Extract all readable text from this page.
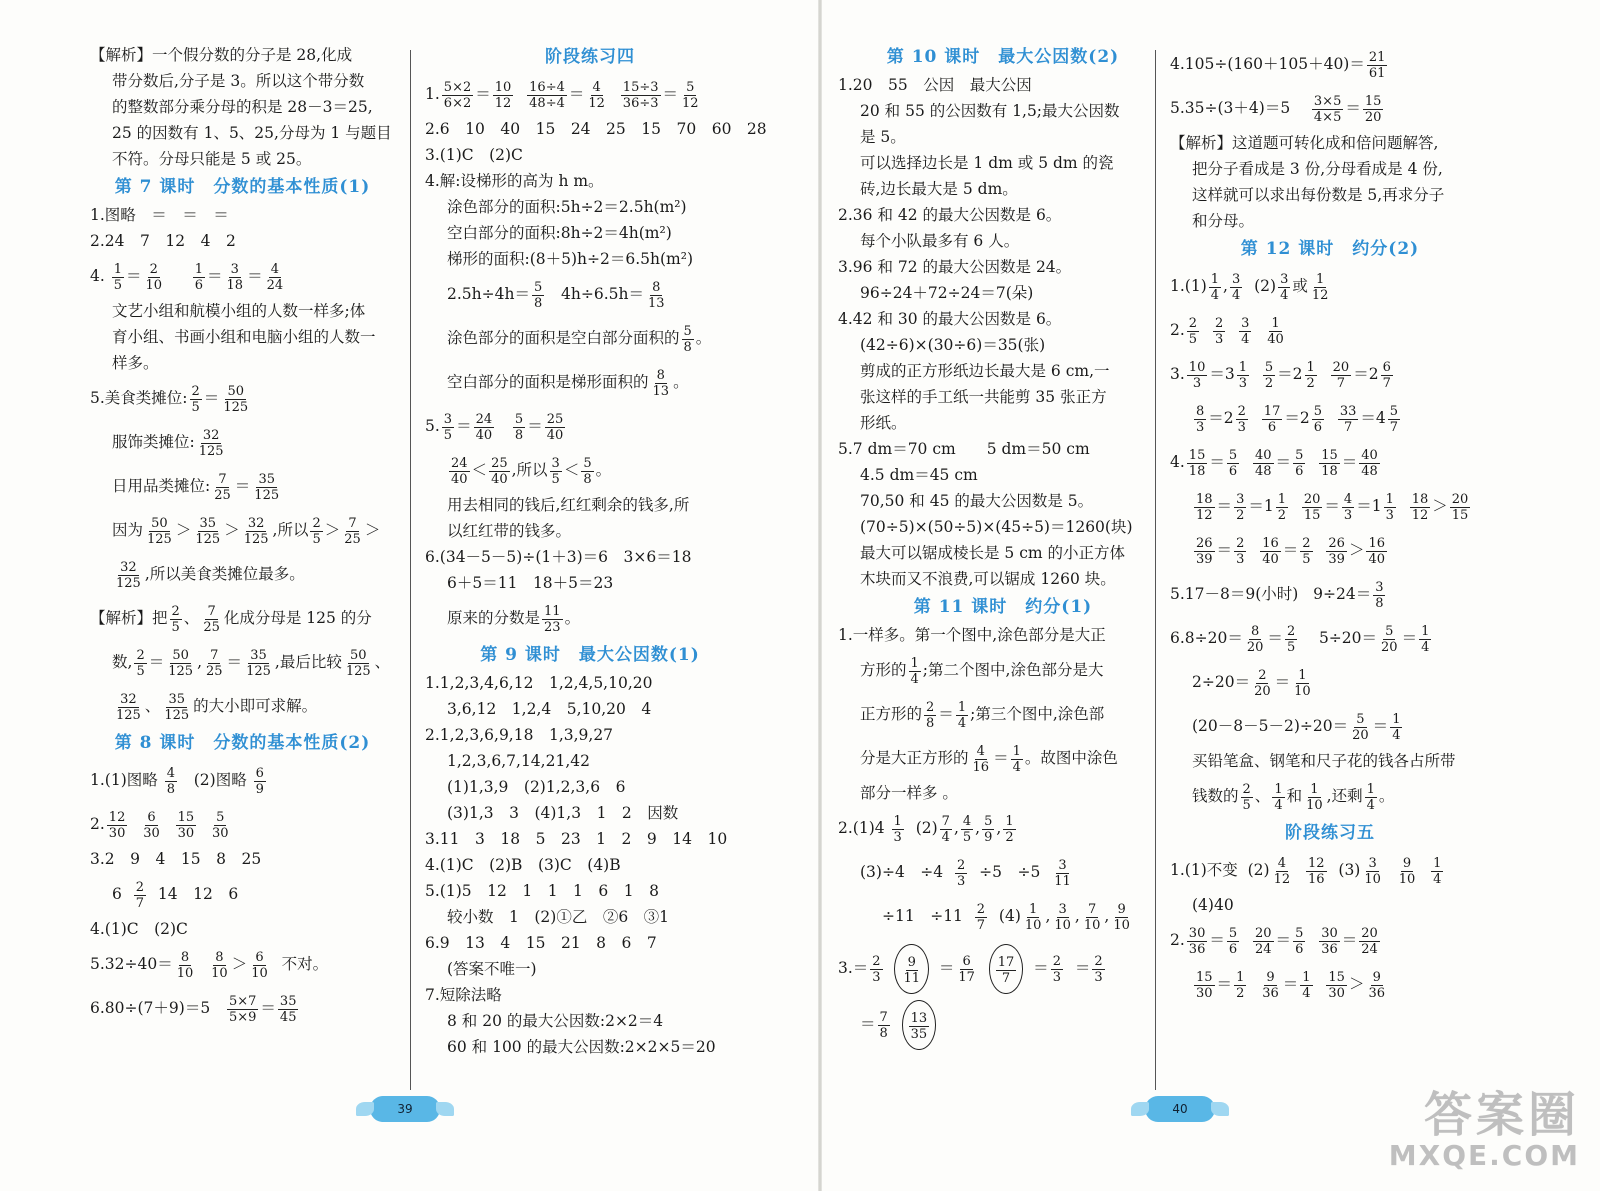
【解析】一个假分数的分子是 28,化成
带分数后,分子是 3。所以这个带分数
的整数部分乘分母的积是 28－3＝25,
25 的因数有 1、5、25,分母为 1 与题目
不符。分母只能是 5 或 25。
第 7 课时　分数的基本性质(1)
1.图略　＝　＝　＝
2.24　7　12　4　2
4. $\frac{1}{5} = \frac{2}{10}$
$\frac{1}{6} = \frac{3}{18} = \frac{4}{24}$
文艺小组和航模小组的人数一样多;体
育小组、书画小组和电脑小组的人数一
样多。
5.美食类摊位: $\frac{2}{5} = \frac{50}{125}$
服饰类摊位: $\frac{32}{125}$
日用品类摊位: $\frac{7}{25} = \frac{35}{125}$
因为 $\frac{50}{125} > \frac{35}{125} > \frac{32}{125}$ ,所以 $\frac{2}{5} > \frac{7}{25}$ ＞
$\frac{32}{125}$ ,所以美食类摊位最多。
【解析】把 $\frac{2}{5}$ 、 $\frac{7}{25}$ 化成分母是 125 的分
数, $\frac{2}{5} = \frac{50}{125}$ , $\frac{7}{25} = \frac{35}{125}$ ,最后比较 $\frac{50}{125}$ 、
$\frac{32}{125}$ 、 $\frac{35}{125}$ 的大小即可求解。
第 8 课时　分数的基本性质(2)
1.(1)图略 $\frac{4}{8} (2)$图略 $\frac{6}{9}$
2. $\frac{12}{30}$
$\frac{6}{30}$
$\frac{15}{30}$
$\frac{5}{30}$
3.2　9　4　15　8　25
$6 \frac{2}{7} 14$　12　6
4.(1)C　(2)C
$5.32\div 40= \frac{8}{10}$
$\frac{8}{10} > \frac{6}{10}$ 不对。
$6.80\div(7+9)=5 \frac{5\times 7}{5\times 9} = \frac{35}{45}$
阶段练习四
1. $\frac{5\times 2}{6\times 2} = \frac{10}{12}$
$\frac{16\div 4}{48\div 4} = \frac{4}{12}$
$\frac{15\div 3}{36\div 3} = \frac{5}{12}$
2.6　10　40　15　24　25　15　70　60　28
3.(1)C　(2)C
4.解:设梯形的高为 h m。
涂色部分的面积:5h÷2＝2.5h(m²)
空白部分的面积:8h÷2＝4h(m²)
梯形的面积:(8＋5)h÷2＝6.5h(m²)
$2.5h\div 4h= \frac{5}{8} 4h\div 6.5h= \frac{8}{13}$
涂色部分的面积是空白部分面积的 $\frac{5}{8}$ 。
空白部分的面积是梯形面积的 $\frac{8}{13}$ 。
5. $\frac{3}{5} = \frac{24}{40}$
$\frac{5}{8} = \frac{25}{40}$
$\frac{24}{40} < \frac{25}{40}$ ,所以 $\frac{3}{5} < \frac{5}{8}$ 。
用去相同的钱后,红红剩余的钱多,所
以红红带的钱多。
6.(34－5－5)÷(1＋3)＝6　3×6＝18
6＋5＝11　18＋5＝23
原来的分数是 $\frac{11}{23}$ 。
第 9 课时　最大公因数(1)
1.1,2,3,4,6,12　1,2,4,5,10,20
3,6,12　1,2,4　5,10,20　4
2.1,2,3,6,9,18　1,3,9,27
1,2,3,6,7,14,21,42
(1)1,3,9　(2)1,2,3,6　6
(3)1,3　3　(4)1,3　1　2　因数
3.11　3　18　5　23　1　2　9　14　10
4.(1)C　(2)B　(3)C　(4)B
5.(1)5　12　1　1　1　6　1　8
较小数　1　(2)①乙　②6　③1
6.9　13　4　15　21　8　6　7
(答案不唯一)
7.短除法略
8 和 20 的最大公因数:2×2＝4
60 和 100 的最大公因数:2×2×5＝20
39
第 10 课时　最大公因数(2)
1.20　55　公因　最大公因
20 和 55 的公因数有 1,5;最大公因数
是 5。
可以选择边长是 1 dm 或 5 dm 的瓷
砖,边长最大是 5 dm。
2.36 和 42 的最大公因数是 6。
每个小队最多有 6 人。
3.96 和 72 的最大公因数是 24。
96÷24＋72÷24＝7(朵)
4.42 和 30 的最大公因数是 6。
(42÷6)×(30÷6)＝35(张)
剪成的正方形纸边长最大是 6 cm,一
张这样的手工纸一共能剪 35 张正方
形纸。
5.7 dm＝70 cm　　5 dm＝50 cm
4.5 dm＝45 cm
70,50 和 45 的最大公因数是 5。
(70÷5)×(50÷5)×(45÷5)＝1260(块)
最大可以锯成棱长是 5 cm 的小正方体
木块而又不浪费,可以锯成 1260 块。
第 11 课时　约分(1)
1.一样多。第一个图中,涂色部分是大正
方形的 $\frac{1}{4}$ ;第二个图中,涂色部分是大
正方形的 $\frac{2}{8} = \frac{1}{4}$ ;第三个图中,涂色部
分是大正方形的 $\frac{4}{16} = \frac{1}{4}$ 。故图中涂色
部分一样多 。
$2.(1)4 \frac{1}{3} (2) \frac{7}{4}$ , $\frac{4}{5}$ , $\frac{5}{9}$ , $\frac{1}{2}$
(3)÷4　$\div 4 \frac{2}{3} \div 5$　$\div 5 \frac{3}{11}$
÷11　$\div 11 \frac{2}{7} (4) \frac{1}{10}$ , $\frac{3}{10}$ , $\frac{7}{10}$ , $\frac{9}{10}$
$3.= \frac{2}{3}$
$\frac{9}{11} = \frac{6}{17}$
$\frac{17}{7} = \frac{2}{3} = \frac{2}{3}$
＝ $\frac{7}{8}$
$\frac{13}{35}$
$4.105\div(160+105+40)= \frac{21}{61}$
$5.35\div(3+4)=5 \frac{3\times 5}{4\times 5} = \frac{15}{20}$
【解析】这道题可转化成和倍问题解答,
把分子看成是 3 份,分母看成是 4 份,
这样就可以求出每份数是 5,再求分子
和分母。
第 12 课时　约分(2)
$1.(1) \frac{1}{4}$ , $\frac{3}{4} (2) \frac{3}{4}$ 或 $\frac{1}{12}$
2. $\frac{2}{5}$
$\frac{2}{3}$
$\frac{3}{4}$
$\frac{1}{40}$
3. $\frac{10}{3} =3 \frac{1}{3}$
$\frac{5}{2} =2 \frac{1}{2}$
$\frac{20}{7} =2 \frac{6}{7}$
$\frac{8}{3} =2 \frac{2}{3}$
$\frac{17}{6} =2 \frac{5}{6}$
$\frac{33}{7} =4 \frac{5}{7}$
4. $\frac{15}{18} = \frac{5}{6}$
$\frac{40}{48} = \frac{5}{6}$
$\frac{15}{18} = \frac{40}{48}$
$\frac{18}{12} = \frac{3}{2} =1 \frac{1}{2}$
$\frac{20}{15} = \frac{4}{3} =1 \frac{1}{3}$
$\frac{18}{12} > \frac{20}{15}$
$\frac{26}{39} = \frac{2}{3}$
$\frac{16}{40} = \frac{2}{5}$
$\frac{26}{39} > \frac{16}{40}$
5.17－8＝9(小时) $9\div 24= \frac{3}{8}$
$6.8\div 20= \frac{8}{20} = \frac{2}{5} 5\div 20= \frac{5}{20} = \frac{1}{4}$
$2\div 20= \frac{2}{20} = \frac{1}{10}$
$(20-8-5-2)\div 20= \frac{5}{20} = \frac{1}{4}$
买铅笔盒、钢笔和尺子花的钱各占所带
钱数的 $\frac{2}{5}$ 、 $\frac{1}{4}$ 和 $\frac{1}{10}$ ,还剩 $\frac{1}{4}$ 。
阶段练习五
1.(1)不变 $(2) \frac{4}{12}$
$\frac{12}{16} (3) \frac{3}{10}$
$\frac{9}{10}$
$\frac{1}{4}$
(4)40
2. $\frac{30}{36} = \frac{5}{6}$
$\frac{20}{24} = \frac{5}{6}$
$\frac{30}{36} = \frac{20}{24}$
$\frac{15}{30} = \frac{1}{2}$
$\frac{9}{36} = \frac{1}{4}$
$\frac{15}{30} > \frac{9}{36}$
40	答案圈
MXQE.COM
